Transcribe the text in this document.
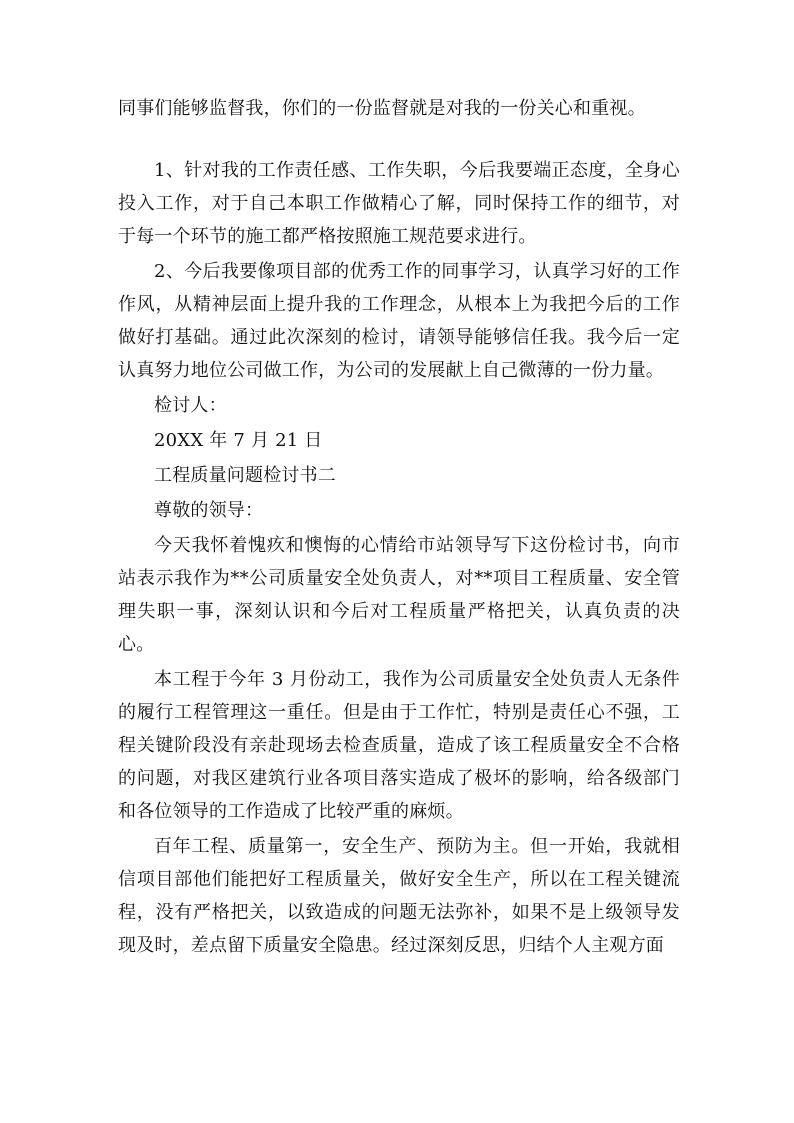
同事们能够监督我，你们的一份监督就是对我的一份关心和重视。

1、针对我的工作责任感、工作失职，今后我要端正态度，全身心投入工作，对于自己本职工作做精心了解，同时保持工作的细节，对于每一个环节的施工都严格按照施工规范要求进行。

2、今后我要像项目部的优秀工作的同事学习，认真学习好的工作作风，从精神层面上提升我的工作理念，从根本上为我把今后的工作做好打基础。通过此次深刻的检讨，请领导能够信任我。我今后一定认真努力地位公司做工作，为公司的发展献上自己微薄的一份力量。

检讨人：

20XX 年 7 月 21 日

工程质量问题检讨书二

尊敬的领导：

今天我怀着愧疚和懊悔的心情给市站领导写下这份检讨书，向市站表示我作为**公司质量安全处负责人，对**项目工程质量、安全管理失职一事，深刻认识和今后对工程质量严格把关，认真负责的决心。

本工程于今年 3 月份动工，我作为公司质量安全处负责人无条件的履行工程管理这一重任。但是由于工作忙，特别是责任心不强，工程关键阶段没有亲赴现场去检查质量，造成了该工程质量安全不合格的问题，对我区建筑行业各项目落实造成了极坏的影响，给各级部门和各位领导的工作造成了比较严重的麻烦。

百年工程、质量第一，安全生产、预防为主。但一开始，我就相信项目部他们能把好工程质量关，做好安全生产，所以在工程关键流程，没有严格把关，以致造成的问题无法弥补，如果不是上级领导发现及时，差点留下质量安全隐患。经过深刻反思，归结个人主观方面
